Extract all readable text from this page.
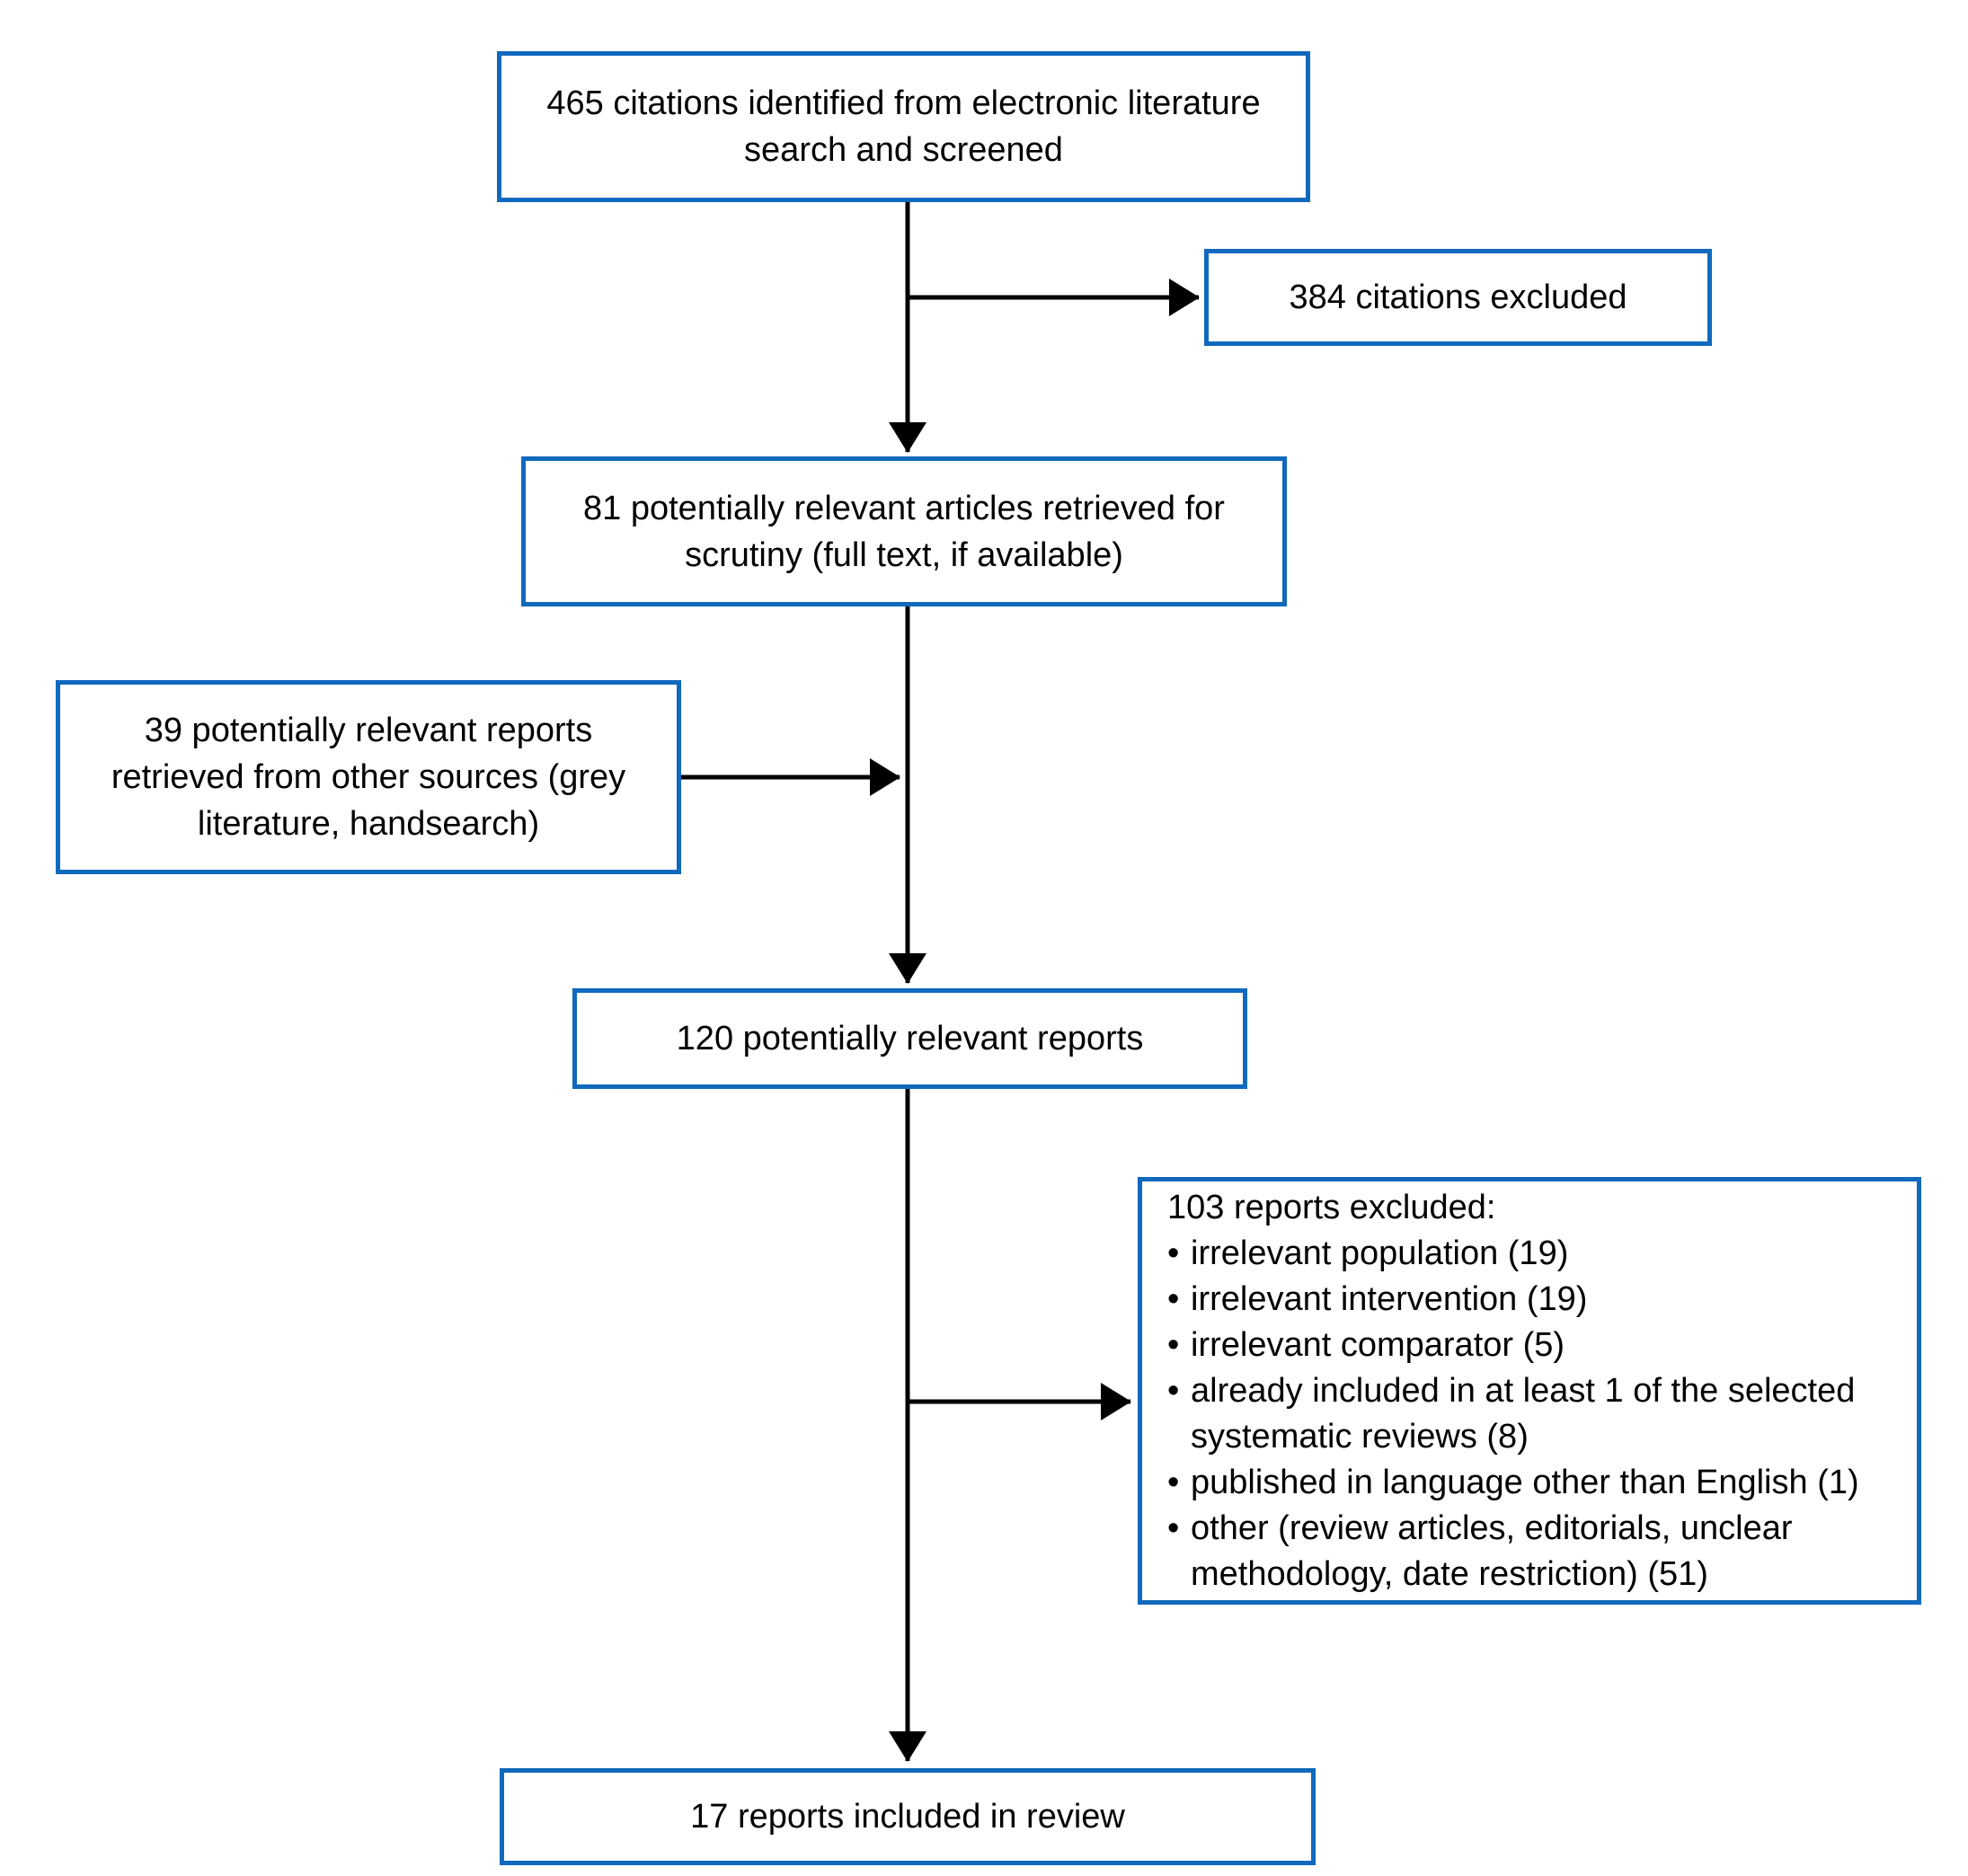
465 citations identified from electronic literature search and screened
384 citations excluded
81 potentially relevant articles retrieved for scrutiny (full text, if available)
39 potentially relevant reports retrieved from other sources (grey literature, handsearch)
120 potentially relevant reports
103 reports excluded:
• irrelevant population (19)
• irrelevant intervention (19)
• irrelevant comparator (5)
• already included in at least 1 of the selected systematic reviews (8)
• published in language other than English (1)
• other (review articles, editorials, unclear methodology, date restriction) (51)
17 reports included in review
